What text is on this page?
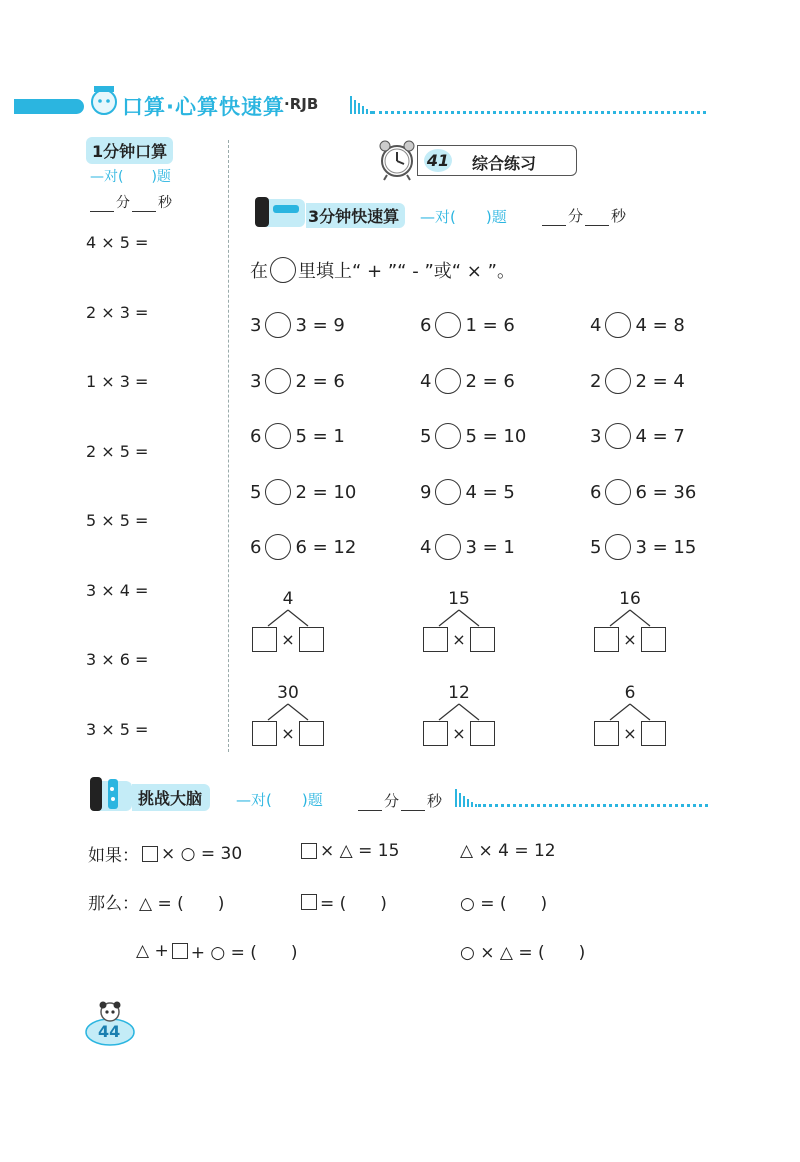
口算·心算快速算 ·RJB
1分钟口算
—对(　　)题
分 秒
4 × 5 =
2 × 3 =
1 × 3 =
2 × 5 =
5 × 5 =
3 × 4 =
3 × 6 =
3 × 5 =
41 综合练习
3分钟快速算	—对(　　)题	分 秒
在 里填上“ + ”“ - ”或“ × ”。
3 3 = 9	6 1 = 6	4 4 = 8
3 2 = 6	4 2 = 6	2 2 = 4
6 5 = 1	5 5 = 10	3 4 = 7
5 2 = 10	9 4 = 5	6 6 = 36
6 6 = 12	4 3 = 1	5 3 = 15
4
×
15
×
16
×
30
×
12
×
6
×
挑战大脑	—对(　　)题	分 秒
如果： × ○ = 30	× △ = 15	△ × 4 = 12
那么： △ = (　　)	= (　　)	○ = (　　)
△ + + ○ = (　　)	○ × △ = (　　)
44
